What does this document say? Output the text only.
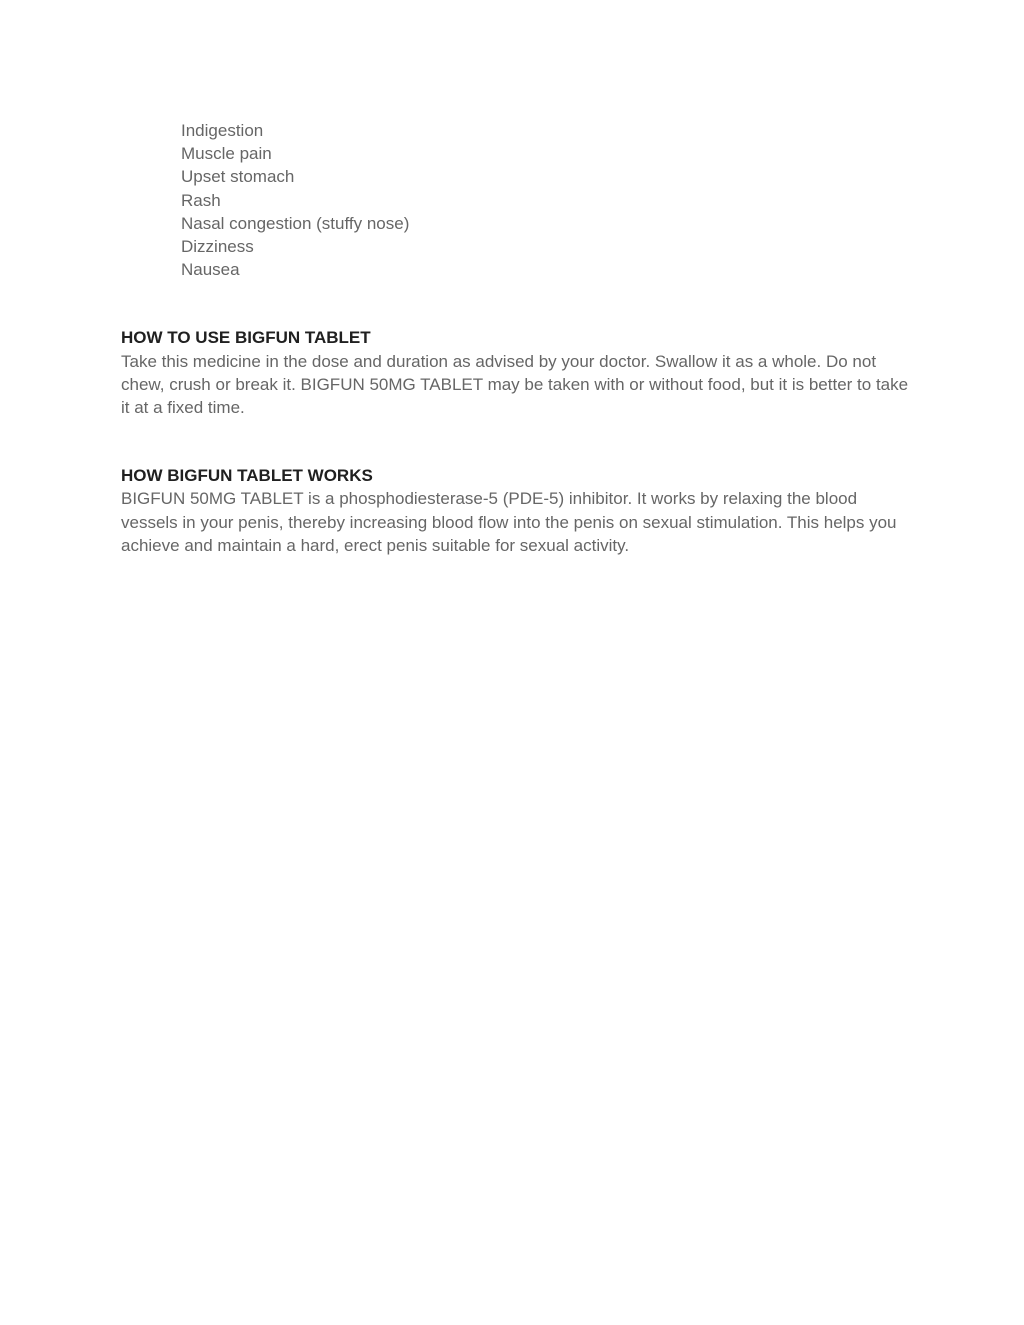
Indigestion
Muscle pain
Upset stomach
Rash
Nasal congestion (stuffy nose)
Dizziness
Nausea
HOW TO USE BIGFUN TABLET

Take this medicine in the dose and duration as advised by your doctor. Swallow it as a whole. Do not chew, crush or break it. BIGFUN 50MG TABLET may be taken with or without food, but it is better to take it at a fixed time.

HOW BIGFUN TABLET WORKS

BIGFUN 50MG TABLET is a phosphodiesterase-5 (PDE-5) inhibitor. It works by relaxing the blood vessels in your penis, thereby increasing blood flow into the penis on sexual stimulation. This helps you achieve and maintain a hard, erect penis suitable for sexual activity.
